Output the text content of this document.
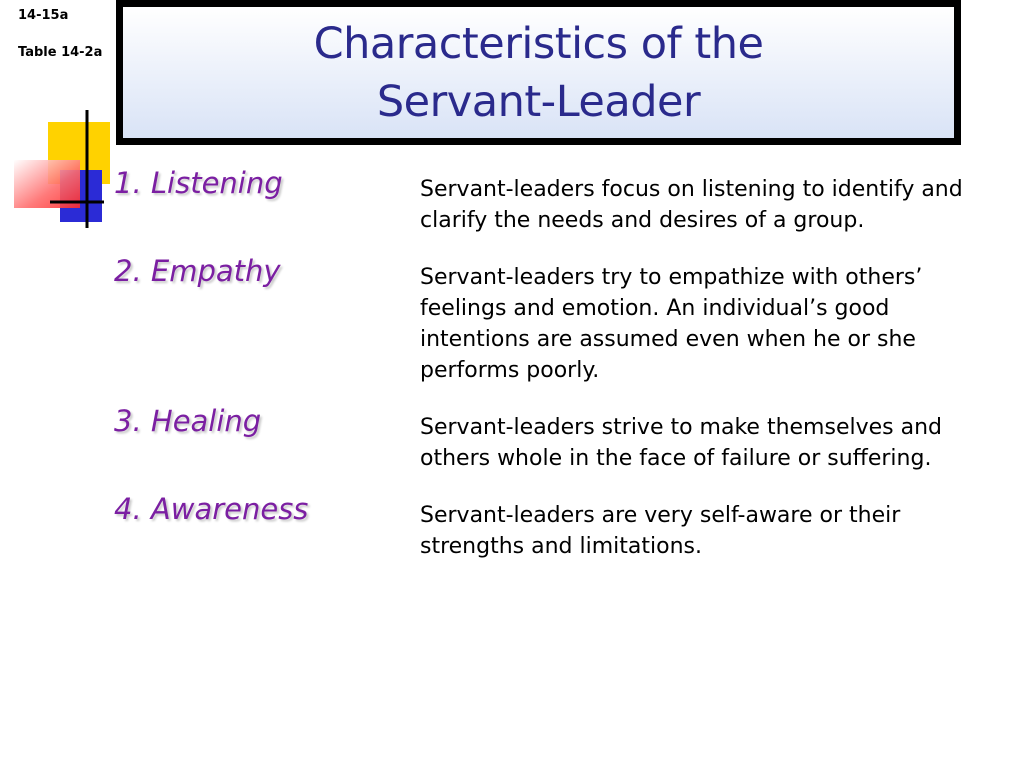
14-15a
Table 14-2a	Characteristics of the
Servant-Leader
1. Listening	Servant-leaders focus on listening to identify and clarify the needs and desires of a group.
2. Empathy	Servant-leaders try to empathize with others’ feelings and emotion. An individual’s good intentions are assumed even when he or she performs poorly.
3. Healing	Servant-leaders strive to make themselves and others whole in the face of failure or suffering.
4. Awareness	Servant-leaders are very self-aware or their strengths and limitations.
